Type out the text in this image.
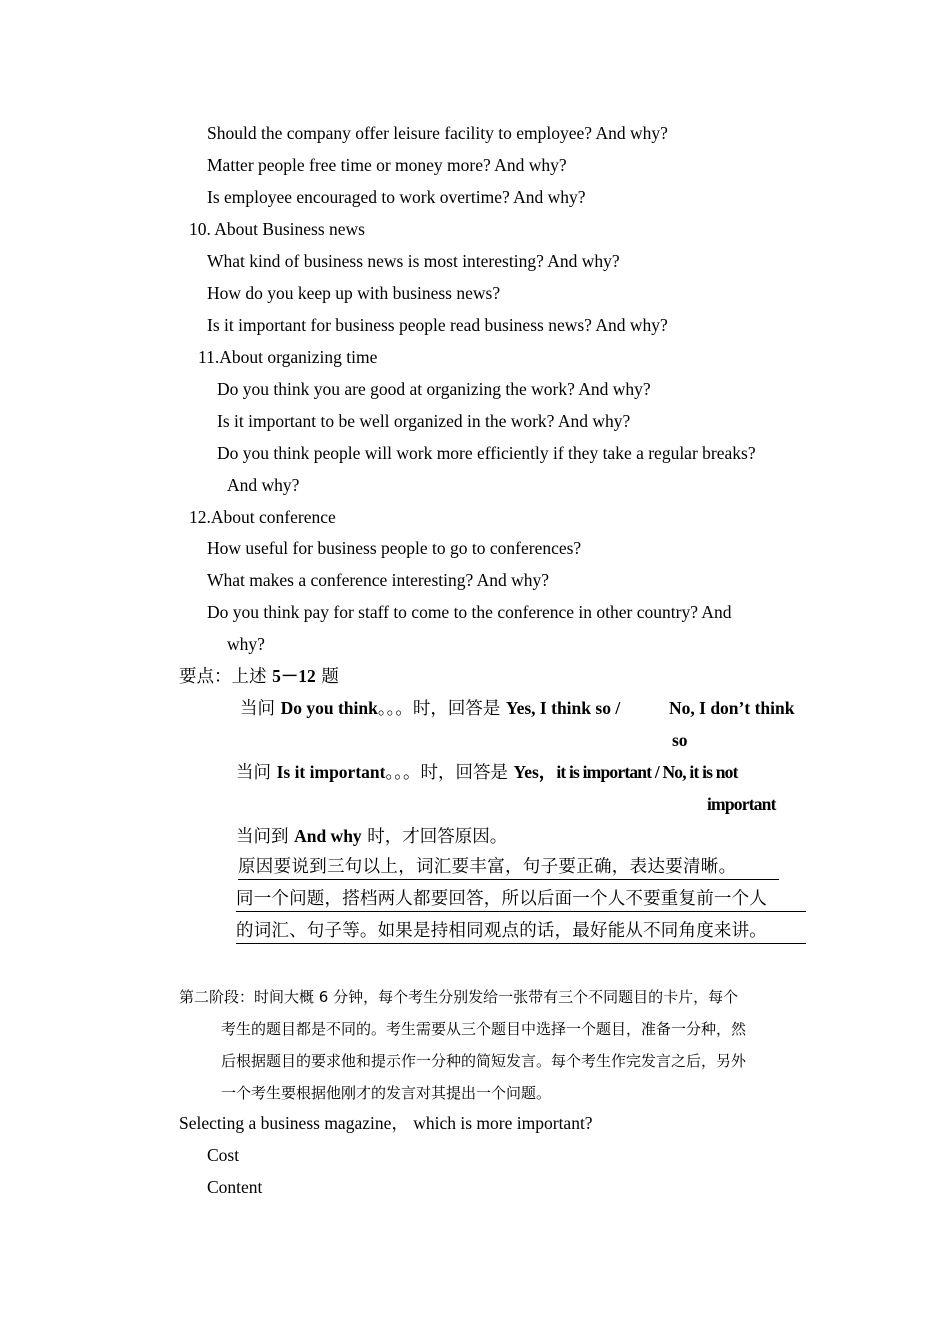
Should the company offer leisure facility to employee? And why?
Matter people free time or money more? And why?
Is employee encouraged to work overtime? And why?
10. About Business news
What kind of business news is most interesting? And why?
How do you keep up with business news?
Is it important for business people read business news? And why?
11.About organizing time
Do you think you are good at organizing the work? And why?
Is it important to be well organized in the work? And why?
Do you think people will work more efficiently if they take a regular breaks?
And why?
12.About conference
How useful for business people to go to conferences?
What makes a conference interesting? And why?
Do you think pay for staff to come to the conference in other country? And
why?
要点：上述 5－12 题
当问 Do you think。。。时，回答是 Yes, I think so /	No, I don’t think
so
当问 Is it important。。。时，回答是 Yes，it is important / No, it is not
important
当问到 And why 时，才回答原因。
原因要说到三句以上，词汇要丰富，句子要正确，表达要清晰。
同一个问题，搭档两人都要回答，所以后面一个人不要重复前一个人
的词汇、句子等。如果是持相同观点的话，最好能从不同角度来讲。
第二阶段：时间大概 6 分钟，每个考生分别发给一张带有三个不同题目的卡片，每个
考生的题目都是不同的。考生需要从三个题目中选择一个题目，准备一分种，然
后根据题目的要求他和提示作一分种的简短发言。每个考生作完发言之后，另外
一个考生要根据他刚才的发言对其提出一个问题。
Selecting a business magazine， which is more important?
Cost
Content
